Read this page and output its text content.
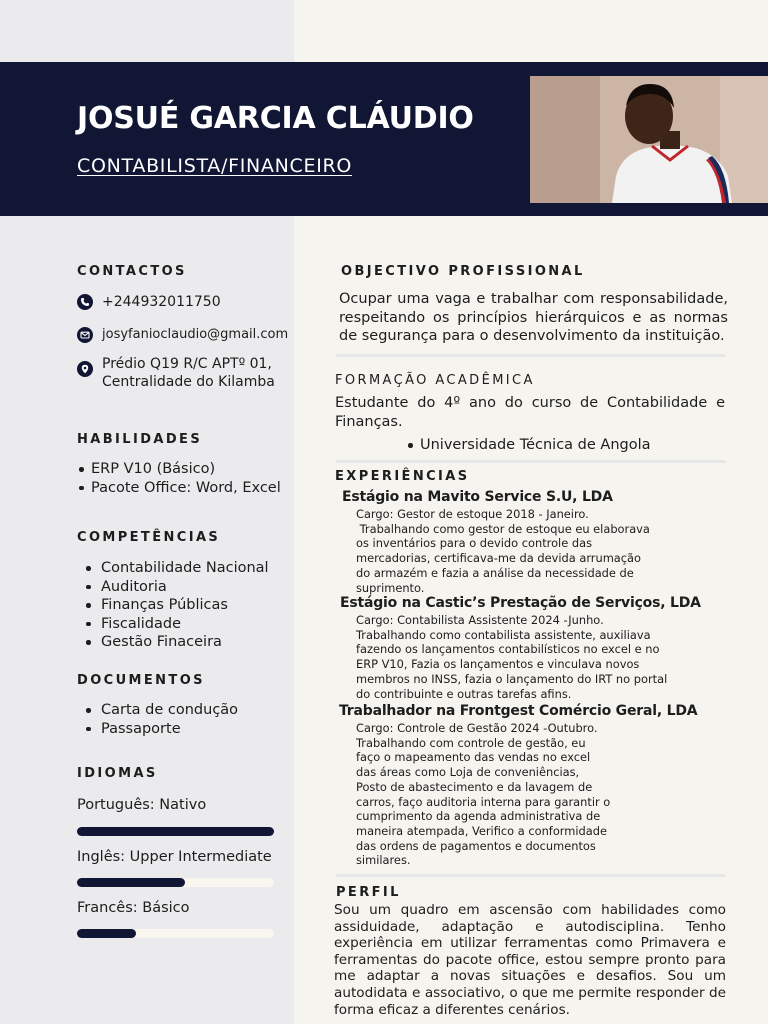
JOSUÉ GARCIA CLÁUDIO
CONTABILISTA/FINANCEIRO
CONTACTOS
+244932011750
josyfanioclaudio@gmail.com
Prédio Q19 R/C APTº 01,
Centralidade do Kilamba
HABILIDADES
ERP V10 (Básico)
Pacote Office: Word, Excel
COMPETÊNCIAS
Contabilidade Nacional
Auditoria
Finanças Públicas
Fiscalidade
Gestão Finaceira
DOCUMENTOS
Carta de condução
Passaporte
IDIOMAS
Português: Nativo
Inglês: Upper Intermediate
Francês: Básico
OBJECTIVO PROFISSIONAL
Ocupar uma vaga e trabalhar com responsabilidade, respeitando os princípios hierárquicos e as normas de segurança para o desenvolvimento da instituição.
FORMAÇÃO ACADÊMICA
Estudante do 4º ano do curso de Contabilidade e Finanças.
Universidade Técnica de Angola
EXPERIÊNCIAS
Estágio na Mavito Service S.U, LDA
Cargo: Gestor de estoque 2018 - Janeiro.
Trabalhando como gestor de estoque eu elaborava
os inventários para o devido controle das
mercadorias, certificava-me da devida arrumação
do armazém e fazia a análise da necessidade de
suprimento.
Estágio na Castic’s Prestação de Serviços, LDA
Cargo: Contabilista Assistente 2024 -Junho.
Trabalhando como contabilista assistente, auxiliava
fazendo os lançamentos contabilísticos no excel e no
ERP V10, Fazia os lançamentos e vinculava novos
membros no INSS, fazia o lançamento do IRT no portal
do contribuinte e outras tarefas afins.
Trabalhador na Frontgest Comércio Geral, LDA
Cargo: Controle de Gestão 2024 -Outubro.
Trabalhando com controle de gestão, eu
faço o mapeamento das vendas no excel
das áreas como Loja de conveniências,
Posto de abastecimento e da lavagem de
carros, faço auditoria interna para garantir o
cumprimento da agenda administrativa de
maneira atempada, Verifico a conformidade
das ordens de pagamentos e documentos
similares.
PERFIL
Sou um quadro em ascensão com habilidades como assiduidade, adaptação e autodisciplina. Tenho experiência em utilizar ferramentas como Primavera e ferramentas do pacote office, estou sempre pronto para me adaptar a novas situações e desafios. Sou um autodidata e associativo, o que me permite responder de forma eficaz a diferentes cenários.
